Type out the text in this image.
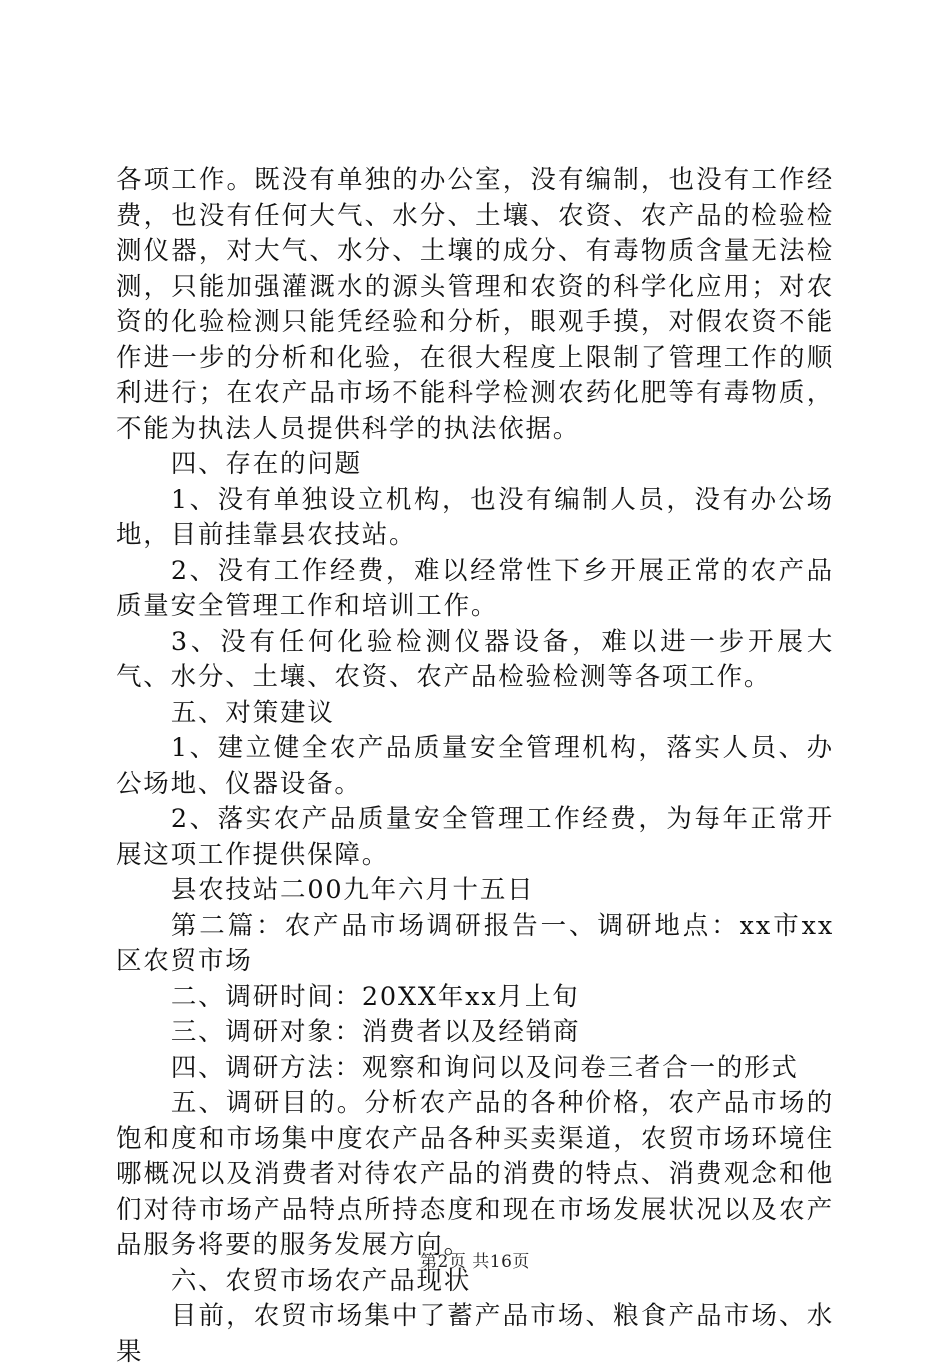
各项工作。既没有单独的办公室，没有编制，也没有工作经费，也没有任何大气、水分、土壤、农资、农产品的检验检测仪器，对大气、水分、土壤的成分、有毒物质含量无法检测，只能加强灌溉水的源头管理和农资的科学化应用；对农资的化验检测只能凭经验和分析，眼观手摸，对假农资不能作进一步的分析和化验，在很大程度上限制了管理工作的顺利进行；在农产品市场不能科学检测农药化肥等有毒物质，不能为执法人员提供科学的执法依据。

四、存在的问题

1、没有单独设立机构，也没有编制人员，没有办公场地，目前挂靠县农技站。

2、没有工作经费，难以经常性下乡开展正常的农产品质量安全管理工作和培训工作。

3、没有任何化验检测仪器设备，难以进一步开展大气、水分、土壤、农资、农产品检验检测等各项工作。

五、对策建议

1、建立健全农产品质量安全管理机构，落实人员、办公场地、仪器设备。

2、落实农产品质量安全管理工作经费，为每年正常开展这项工作提供保障。

县农技站二00九年六月十五日

第二篇：农产品市场调研报告一、调研地点：xx市xx区农贸市场

二、调研时间：20XX年xx月上旬

三、调研对象：消费者以及经销商

四、调研方法：观察和询问以及问卷三者合一的形式

五、调研目的。分析农产品的各种价格，农产品市场的饱和度和市场集中度农产品各种买卖渠道，农贸市场环境住哪概况以及消费者对待农产品的消费的特点、消费观念和他们对待市场产品特点所持态度和现在市场发展状况以及农产品服务将要的服务发展方向。

六、农贸市场农产品现状

目前，农贸市场集中了蓄产品市场、粮食产品市场、水果

第2页 共16页
